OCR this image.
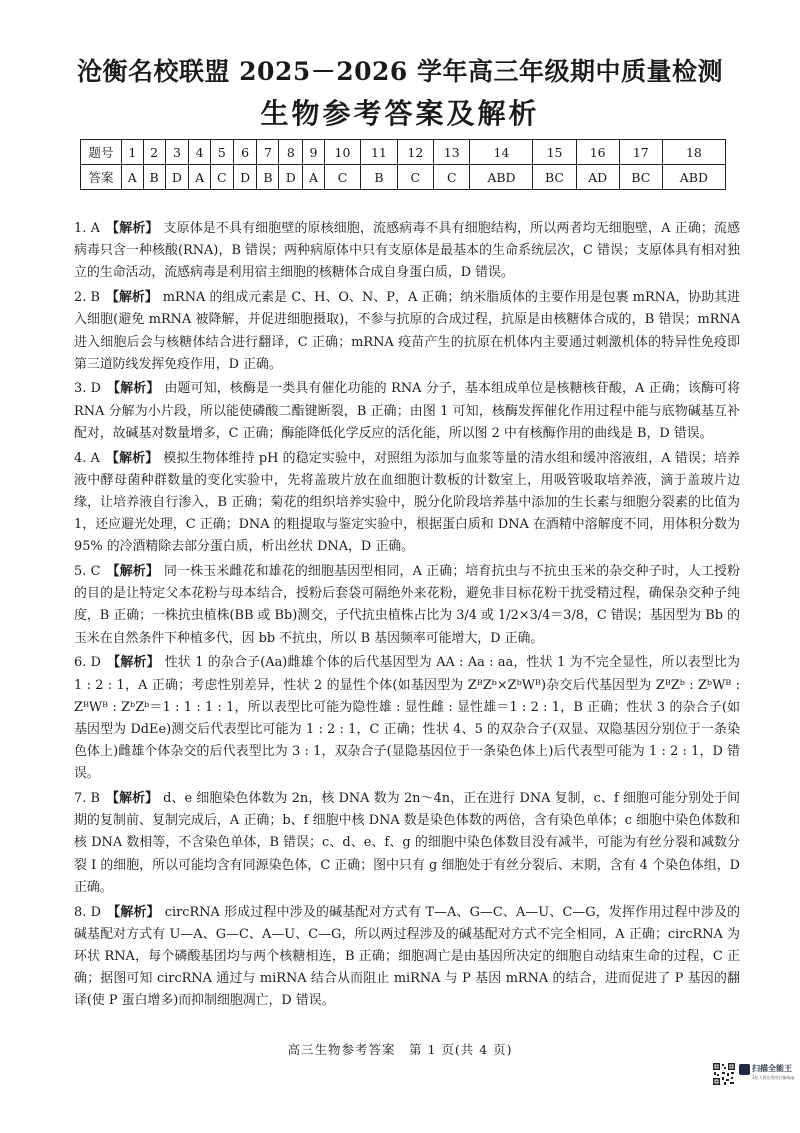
沧衡名校联盟 2025－2026 学年高三年级期中质量检测
生物参考答案及解析
题号	1	2	3	4	5	6	7	8	9	10	11	12	13	14	15	16	17	18
答案	A	B	D	A	C	D	B	D	A	C	B	C	C	ABD	BC	AD	BC	ABD
1. A 【解析】 支原体是不具有细胞壁的原核细胞，流感病毒不具有细胞结构，所以两者均无细胞壁，A 正确；流感病毒只含一种核酸(RNA)，B 错误；两种病原体中只有支原体是最基本的生命系统层次，C 错误；支原体具有相对独立的生命活动，流感病毒是利用宿主细胞的核糖体合成自身蛋白质，D 错误。
2. B 【解析】 mRNA 的组成元素是 C、H、O、N、P，A 正确；纳米脂质体的主要作用是包裹 mRNA，协助其进入细胞(避免 mRNA 被降解，并促进细胞摄取)，不参与抗原的合成过程，抗原是由核糖体合成的，B 错误；mRNA 进入细胞后会与核糖体结合进行翻译，C 正确；mRNA 疫苗产生的抗原在机体内主要通过刺激机体的特异性免疫即第三道防线发挥免疫作用，D 正确。
3. D 【解析】 由题可知，核酶是一类具有催化功能的 RNA 分子，基本组成单位是核糖核苷酸，A 正确；该酶可将 RNA 分解为小片段，所以能使磷酸二酯键断裂，B 正确；由图 1 可知，核酶发挥催化作用过程中能与底物碱基互补配对，故碱基对数量增多，C 正确；酶能降低化学反应的活化能，所以图 2 中有核酶作用的曲线是 B，D 错误。
4. A 【解析】 模拟生物体维持 pH 的稳定实验中，对照组为添加与血浆等量的清水组和缓冲溶液组，A 错误；培养液中酵母菌种群数量的变化实验中，先将盖玻片放在血细胞计数板的计数室上，用吸管吸取培养液，滴于盖玻片边缘，让培养液自行渗入，B 正确；菊花的组织培养实验中，脱分化阶段培养基中添加的生长素与细胞分裂素的比值为 1，还应避光处理，C 正确；DNA 的粗提取与鉴定实验中，根据蛋白质和 DNA 在酒精中溶解度不同，用体积分数为 95% 的冷酒精除去部分蛋白质，析出丝状 DNA，D 正确。
5. C 【解析】 同一株玉米雌花和雄花的细胞基因型相同，A 正确；培育抗虫与不抗虫玉米的杂交种子时，人工授粉的目的是让特定父本花粉与母本结合，授粉后套袋可隔绝外来花粉，避免非目标花粉干扰受精过程，确保杂交种子纯度，B 正确；一株抗虫植株(BB 或 Bb)测交，子代抗虫植株占比为 3/4 或 1/2×3/4＝3/8，C 错误；基因型为 Bb 的玉米在自然条件下种植多代，因 bb 不抗虫，所以 B 基因频率可能增大，D 正确。
6. D 【解析】 性状 1 的杂合子(Aa)雌雄个体的后代基因型为 AA : Aa : aa，性状 1 为不完全显性，所以表型比为 1 : 2 : 1，A 正确；考虑性别差异，性状 2 的显性个体(如基因型为 ZᴮZᵇ×ZᵇWᴮ)杂交后代基因型为 ZᴮZᵇ : ZᵇWᴮ : ZᴮWᴮ : ZᵇZᵇ＝1 : 1 : 1 : 1，所以表型比可能为隐性雄 : 显性雌 : 显性雄＝1 : 2 : 1，B 正确；性状 3 的杂合子(如基因型为 DdEe)测交后代表型比可能为 1 : 2 : 1，C 正确；性状 4、5 的双杂合子(双显、双隐基因分别位于一条染色体上)雌雄个体杂交的后代表型比为 3 : 1，双杂合子(显隐基因位于一条染色体上)后代表型可能为 1 : 2 : 1，D 错误。
7. B 【解析】 d、e 细胞染色体数为 2n，核 DNA 数为 2n～4n，正在进行 DNA 复制，c、f 细胞可能分别处于间期的复制前、复制完成后，A 正确；b、f 细胞中核 DNA 数是染色体数的两倍，含有染色单体；c 细胞中染色体数和核 DNA 数相等，不含染色单体，B 错误；c、d、e、f、g 的细胞中染色体数目没有减半，可能为有丝分裂和减数分裂 Ⅰ 的细胞，所以可能均含有同源染色体，C 正确；图中只有 g 细胞处于有丝分裂后、末期，含有 4 个染色体组，D 正确。
8. D 【解析】 circRNA 形成过程中涉及的碱基配对方式有 T—A、G—C、A—U、C—G，发挥作用过程中涉及的碱基配对方式有 U—A、G—C、A—U、C—G，所以两过程涉及的碱基配对方式不完全相同，A 正确；circRNA 为环状 RNA，每个磷酸基团均与两个核糖相连，B 正确；细胞凋亡是由基因所决定的细胞自动结束生命的过程，C 正确；据图可知 circRNA 通过与 miRNA 结合从而阻止 miRNA 与 P 基因 mRNA 的结合，进而促进了 P 基因的翻译(使 P 蛋白增多)而抑制细胞凋亡，D 错误。
高三生物参考答案　第 1 页(共 4 页)
扫描全能王
3亿人都在用的扫描App
